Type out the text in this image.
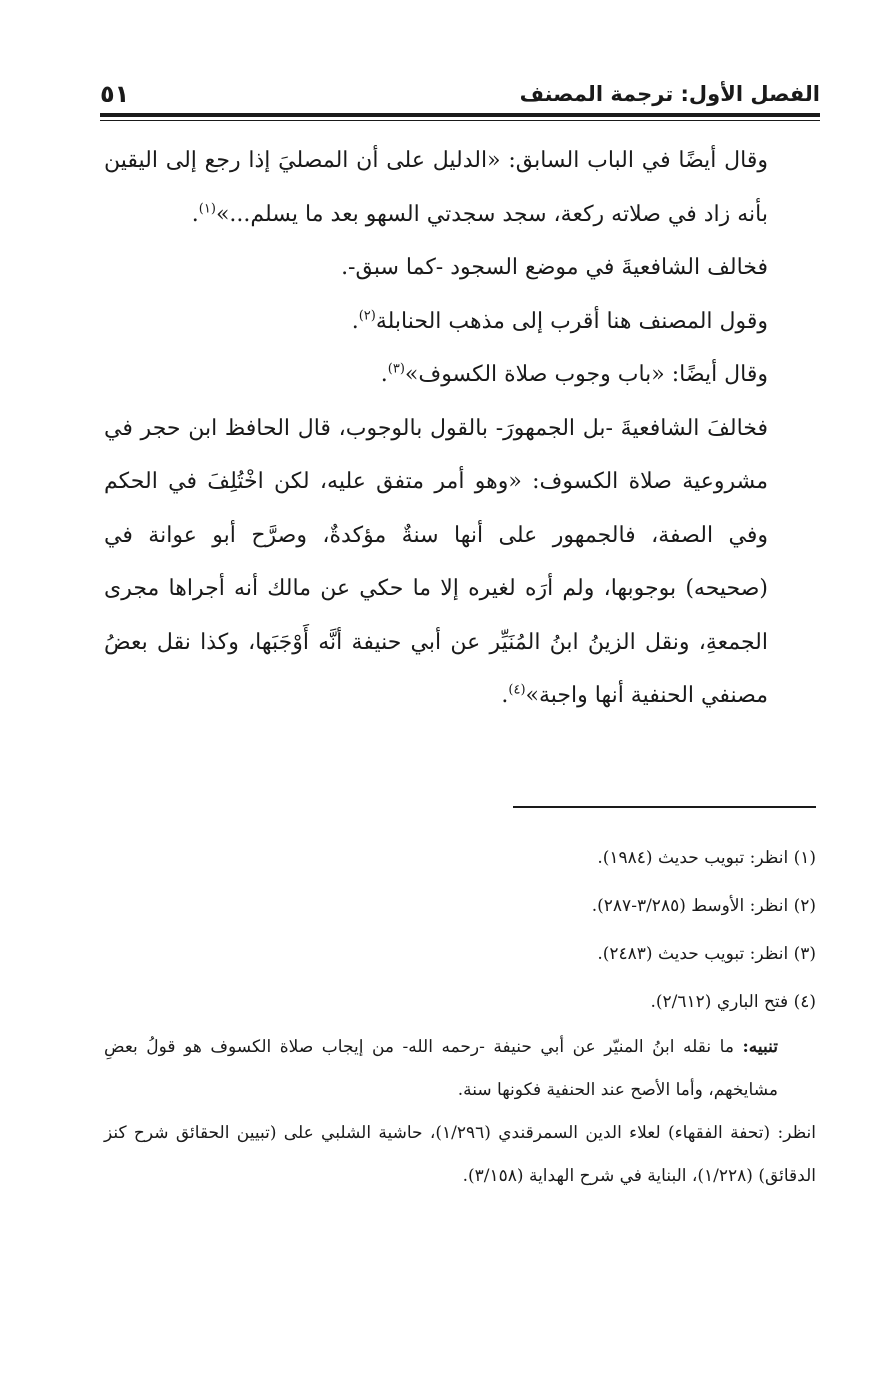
الفصل الأول: ترجمة المصنف
٥١

وقال أيضًا في الباب السابق: «الدليل على أن المصليَ إذا رجع إلى اليقين بأنه زاد في صلاته ركعة، سجد سجدتي السهو بعد ما يسلم...»$^{(١)}$.

فخالف الشافعيةَ في موضع السجود -كما سبق-.

وقول المصنف هنا أقرب إلى مذهب الحنابلة$^{(٢)}$.

وقال أيضًا: «باب وجوب صلاة الكسوف»$^{(٣)}$.

فخالفَ الشافعيةَ -بل الجمهورَ- بالقول بالوجوب، قال الحافظ ابن حجر في مشروعية صلاة الكسوف: «وهو أمر متفق عليه، لكن اخْتُلِفَ في الحكم وفي الصفة، فالجمهور على أنها سنةٌ مؤكدةٌ، وصرَّح أبو عوانة في (صحيحه) بوجوبها، ولم أرَه لغيره إلا ما حكي عن مالك أنه أجراها مجرى الجمعةِ، ونقل الزينُ ابنُ المُنَيِّر عن أبي حنيفة أنَّه أَوْجَبَها، وكذا نقل بعضُ مصنفي الحنفية أنها واجبة»$^{(٤)}$.

(١) انظر: تبويب حديث (١٩٨٤).

(٢) انظر: الأوسط (٣/٢٨٥-٢٨٧).

(٣) انظر: تبويب حديث (٢٤٨٣).

(٤) فتح الباري (٢/٦١٢).

تنبيه: ما نقله ابنُ المنيّر عن أبي حنيفة -رحمه الله- من إيجاب صلاة الكسوف هو قولُ بعضِ مشايخهم، وأما الأصح عند الحنفية فكونها سنة.

انظر: (تحفة الفقهاء) لعلاء الدين السمرقندي (١/٢٩٦)، حاشية الشلبي على (تبيين الحقائق شرح كنز الدقائق) (١/٢٢٨)، البناية في شرح الهداية (٣/١٥٨).
